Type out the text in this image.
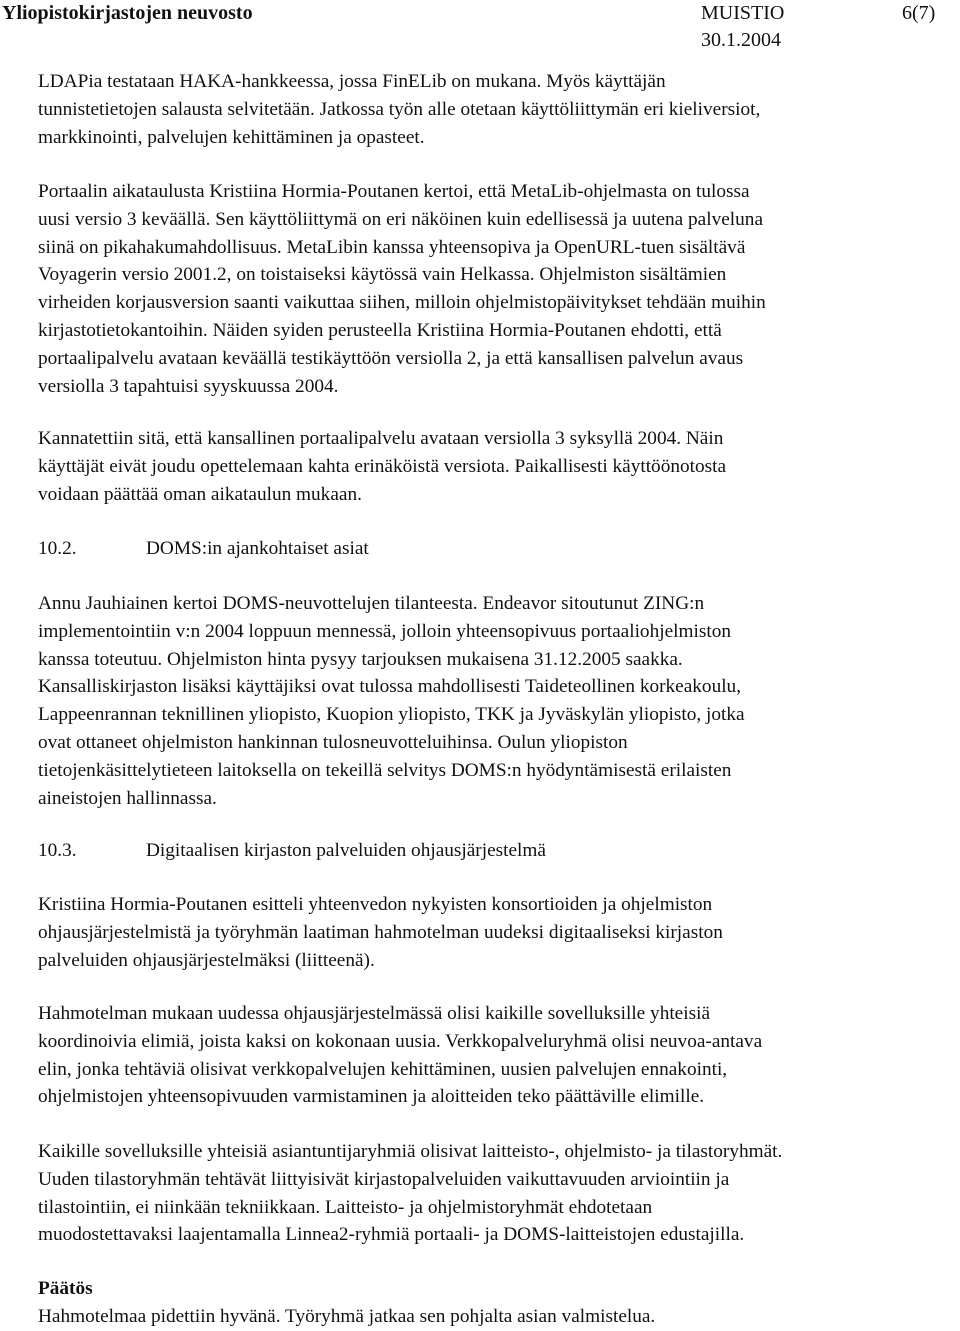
Yliopistokirjastojen neuvosto	MUISTIO	6(7)
30.1.2004
LDAPia testataan HAKA-hankkeessa, jossa FinELib on mukana. Myös käyttäjän
tunnistetietojen salausta selvitetään. Jatkossa työn alle otetaan käyttöliittymän eri kieliversiot,
markkinointi, palvelujen kehittäminen ja opasteet.
Portaalin aikataulusta Kristiina Hormia-Poutanen kertoi, että MetaLib-ohjelmasta on tulossa
uusi versio 3 keväällä. Sen käyttöliittymä on eri näköinen kuin edellisessä ja uutena palveluna
siinä on pikahakumahdollisuus. MetaLibin kanssa yhteensopiva ja OpenURL-tuen sisältävä
Voyagerin versio 2001.2, on toistaiseksi käytössä vain Helkassa. Ohjelmiston sisältämien
virheiden korjausversion saanti vaikuttaa siihen, milloin ohjelmistopäivitykset tehdään muihin
kirjastotietokantoihin. Näiden syiden perusteella Kristiina Hormia-Poutanen ehdotti, että
portaalipalvelu avataan keväällä testikäyttöön versiolla 2, ja että kansallisen palvelun avaus
versiolla 3 tapahtuisi syyskuussa 2004.
Kannatettiin sitä, että kansallinen portaalipalvelu avataan versiolla 3 syksyllä 2004. Näin
käyttäjät eivät joudu opettelemaan kahta erinäköistä versiota. Paikallisesti käyttöönotosta
voidaan päättää oman aikataulun mukaan.
10.2.	DOMS:in ajankohtaiset asiat
Annu Jauhiainen kertoi DOMS-neuvottelujen tilanteesta. Endeavor sitoutunut ZING:n
implementointiin v:n 2004 loppuun mennessä, jolloin yhteensopivuus portaaliohjelmiston
kanssa toteutuu. Ohjelmiston hinta pysyy tarjouksen mukaisena 31.12.2005 saakka.
Kansalliskirjaston lisäksi käyttäjiksi ovat tulossa mahdollisesti Taideteollinen korkeakoulu,
Lappeenrannan teknillinen yliopisto, Kuopion yliopisto, TKK ja Jyväskylän yliopisto, jotka
ovat ottaneet ohjelmiston hankinnan tulosneuvotteluihinsa. Oulun yliopiston
tietojenkäsittelytieteen laitoksella on tekeillä selvitys DOMS:n hyödyntämisestä erilaisten
aineistojen hallinnassa.
10.3.	Digitaalisen kirjaston palveluiden ohjausjärjestelmä
Kristiina Hormia-Poutanen esitteli yhteenvedon nykyisten konsortioiden ja ohjelmiston
ohjausjärjestelmistä ja työryhmän laatiman hahmotelman uudeksi digitaaliseksi kirjaston
palveluiden ohjausjärjestelmäksi (liitteenä).
Hahmotelman mukaan uudessa ohjausjärjestelmässä olisi kaikille sovelluksille yhteisiä
koordinoivia elimiä, joista kaksi on kokonaan uusia. Verkkopalveluryhmä olisi neuvoa-antava
elin, jonka tehtäviä olisivat verkkopalvelujen kehittäminen, uusien palvelujen ennakointi,
ohjelmistojen yhteensopivuuden varmistaminen ja aloitteiden teko päättäville elimille.
Kaikille sovelluksille yhteisiä asiantuntijaryhmiä olisivat laitteisto-, ohjelmisto- ja tilastoryhmät.
Uuden tilastoryhmän tehtävät liittyisivät kirjastopalveluiden vaikuttavuuden arviointiin ja
tilastointiin, ei niinkään tekniikkaan. Laitteisto- ja ohjelmistoryhmät ehdotetaan
muodostettavaksi laajentamalla Linnea2-ryhmiä portaali- ja DOMS-laitteistojen edustajilla.
Päätös
Hahmotelmaa pidettiin hyvänä. Työryhmä jatkaa sen pohjalta asian valmistelua.
